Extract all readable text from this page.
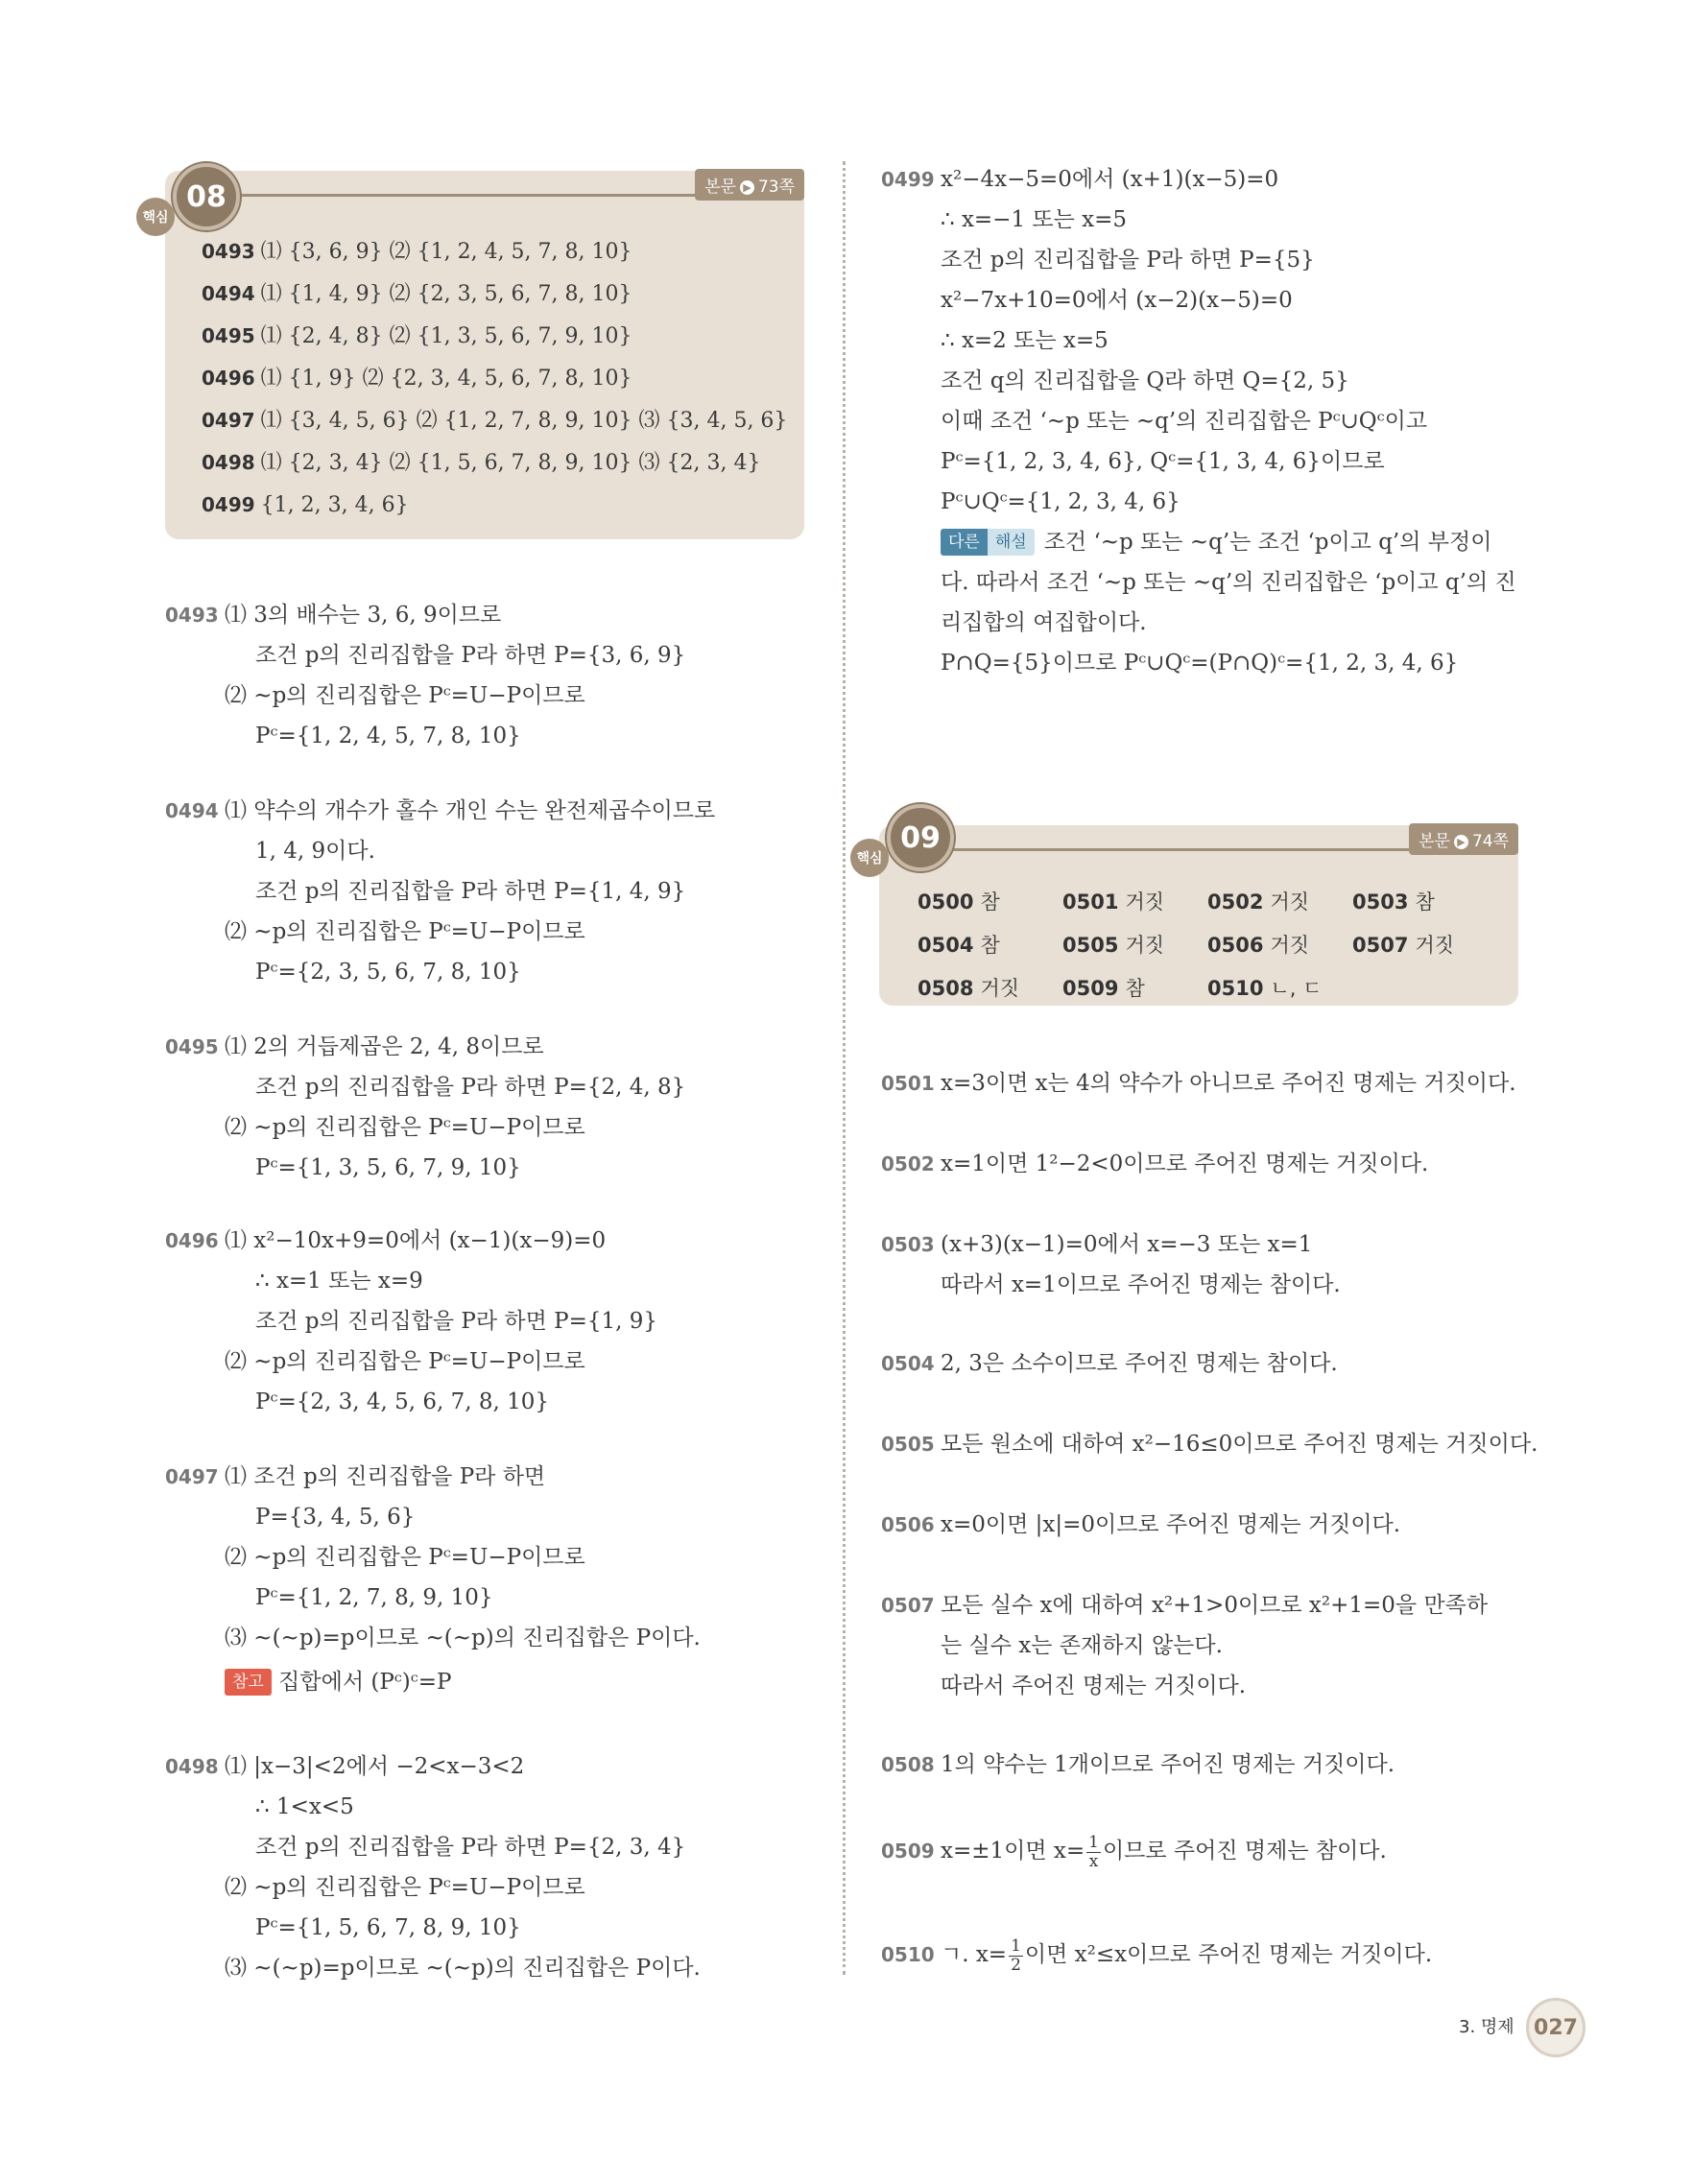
핵심
08	본문 ▶ 73쪽
0493 ⑴ {3, 6, 9} ⑵ {1, 2, 4, 5, 7, 8, 10}
0494 ⑴ {1, 4, 9} ⑵ {2, 3, 5, 6, 7, 8, 10}
0495 ⑴ {2, 4, 8} ⑵ {1, 3, 5, 6, 7, 9, 10}
0496 ⑴ {1, 9} ⑵ {2, 3, 4, 5, 6, 7, 8, 10}
0497 ⑴ {3, 4, 5, 6} ⑵ {1, 2, 7, 8, 9, 10} ⑶ {3, 4, 5, 6}
0498 ⑴ {2, 3, 4} ⑵ {1, 5, 6, 7, 8, 9, 10} ⑶ {2, 3, 4}
0499 {1, 2, 3, 4, 6}
0493 ⑴ 3의 배수는 3, 6, 9이므로
조건 p의 진리집합을 P라 하면 P={3, 6, 9}
⑵ ~p의 진리집합은 Pᶜ=U−P이므로
Pᶜ={1, 2, 4, 5, 7, 8, 10}
0494 ⑴ 약수의 개수가 홀수 개인 수는 완전제곱수이므로
1, 4, 9이다.
조건 p의 진리집합을 P라 하면 P={1, 4, 9}
⑵ ~p의 진리집합은 Pᶜ=U−P이므로
Pᶜ={2, 3, 5, 6, 7, 8, 10}
0495 ⑴ 2의 거듭제곱은 2, 4, 8이므로
조건 p의 진리집합을 P라 하면 P={2, 4, 8}
⑵ ~p의 진리집합은 Pᶜ=U−P이므로
Pᶜ={1, 3, 5, 6, 7, 9, 10}
0496 ⑴ x²−10x+9=0에서 (x−1)(x−9)=0
∴ x=1 또는 x=9
조건 p의 진리집합을 P라 하면 P={1, 9}
⑵ ~p의 진리집합은 Pᶜ=U−P이므로
Pᶜ={2, 3, 4, 5, 6, 7, 8, 10}
0497 ⑴ 조건 p의 진리집합을 P라 하면
P={3, 4, 5, 6}
⑵ ~p의 진리집합은 Pᶜ=U−P이므로
Pᶜ={1, 2, 7, 8, 9, 10}
⑶ ~(~p)=p이므로 ~(~p)의 진리집합은 P이다.
참고 집합에서 (Pᶜ)ᶜ=P
0498 ⑴ |x−3|<2에서 −2<x−3<2
∴ 1<x<5
조건 p의 진리집합을 P라 하면 P={2, 3, 4}
⑵ ~p의 진리집합은 Pᶜ=U−P이므로
Pᶜ={1, 5, 6, 7, 8, 9, 10}
⑶ ~(~p)=p이므로 ~(~p)의 진리집합은 P이다.
0499 x²−4x−5=0에서 (x+1)(x−5)=0
∴ x=−1 또는 x=5
조건 p의 진리집합을 P라 하면 P={5}
x²−7x+10=0에서 (x−2)(x−5)=0
∴ x=2 또는 x=5
조건 q의 진리집합을 Q라 하면 Q={2, 5}
이때 조건 ‘~p 또는 ~q’의 진리집합은 Pᶜ∪Qᶜ이고
Pᶜ={1, 2, 3, 4, 6}, Qᶜ={1, 3, 4, 6}이므로
Pᶜ∪Qᶜ={1, 2, 3, 4, 6}
다른 해설 조건 ‘~p 또는 ~q’는 조건 ‘p이고 q’의 부정이
다. 따라서 조건 ‘~p 또는 ~q’의 진리집합은 ‘p이고 q’의 진
리집합의 여집합이다.
P∩Q={5}이므로 Pᶜ∪Qᶜ=(P∩Q)ᶜ={1, 2, 3, 4, 6}
핵심
09	본문 ▶ 74쪽
0500 참	0501 거짓 0502 거짓 0503 참
0504 참	0505 거짓 0506 거짓 0507 거짓
0508 거짓 0509 참	0510 ㄴ, ㄷ
0501 x=3이면 x는 4의 약수가 아니므로 주어진 명제는 거짓이다.
0502 x=1이면 1²−2<0이므로 주어진 명제는 거짓이다.
0503 (x+3)(x−1)=0에서 x=−3 또는 x=1
따라서 x=1이므로 주어진 명제는 참이다.
0504 2, 3은 소수이므로 주어진 명제는 참이다.
0505 모든 원소에 대하여 x²−16≤0이므로 주어진 명제는 거짓이다.
0506 x=0이면 |x|=0이므로 주어진 명제는 거짓이다.
0507 모든 실수 x에 대하여 x²+1>0이므로 x²+1=0을 만족하
는 실수 x는 존재하지 않는다.
따라서 주어진 명제는 거짓이다.
0508 1의 약수는 1개이므로 주어진 명제는 거짓이다.
0509 x=±1이면 $x= \frac{1}{x}$ 이므로 주어진 명제는 참이다.
0510 ㄱ. $x= \frac{1}{2}$ 이면 x²≤x이므로 주어진 명제는 거짓이다.
3. 명제 027
